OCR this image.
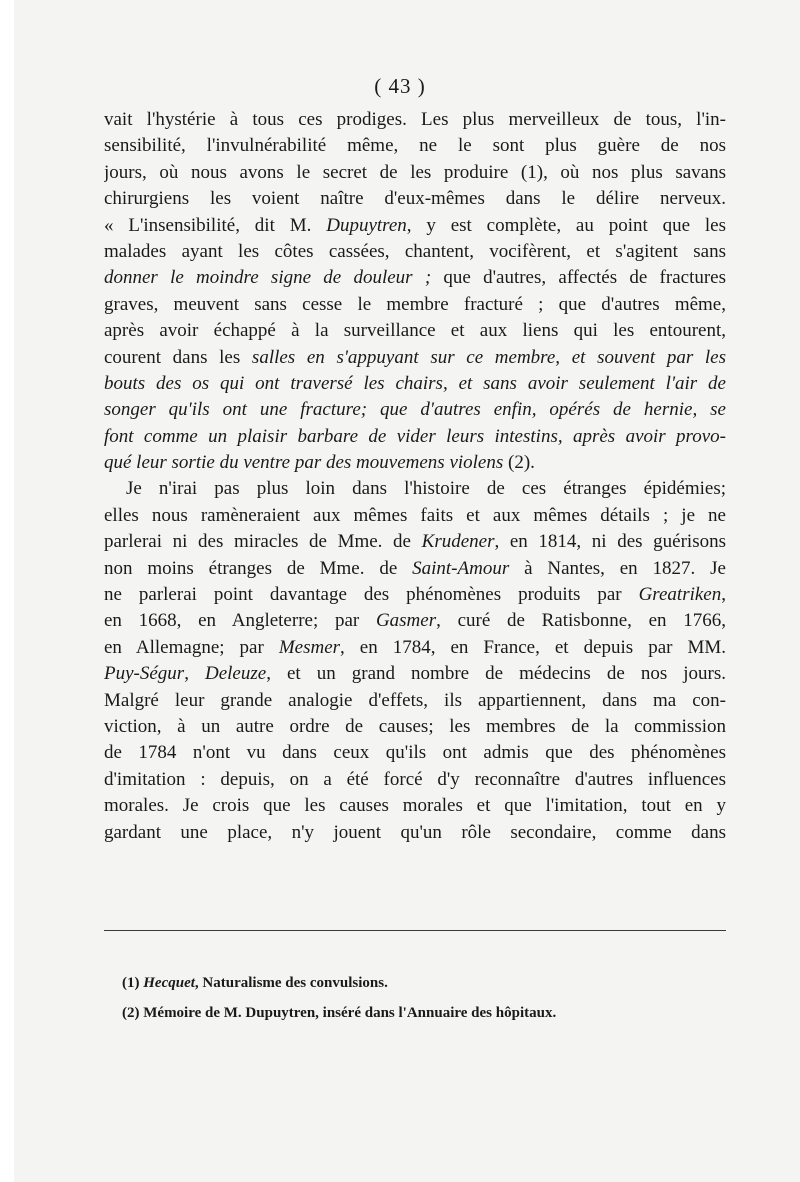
( 43 )
vait l'hystérie à tous ces prodiges. Les plus merveilleux de tous, l'in-
sensibilité, l'invulnérabilité même, ne le sont plus guère de nos
jours, où nous avons le secret de les produire (1), où nos plus savans
chirurgiens les voient naître d'eux-mêmes dans le délire nerveux.
« L'insensibilité, dit M. Dupuytren, y est complète, au point que les
malades ayant les côtes cassées, chantent, vocifèrent, et s'agitent sans
donner le moindre signe de douleur ; que d'autres, affectés de fractures
graves, meuvent sans cesse le membre fracturé ; que d'autres même,
après avoir échappé à la surveillance et aux liens qui les entourent,
courent dans les salles en s'appuyant sur ce membre, et souvent par les
bouts des os qui ont traversé les chairs, et sans avoir seulement l'air de
songer qu'ils ont une fracture; que d'autres enfin, opérés de hernie, se
font comme un plaisir barbare de vider leurs intestins, après avoir provo-
qué leur sortie du ventre par des mouvemens violens (2).
Je n'irai pas plus loin dans l'histoire de ces étranges épidémies;
elles nous ramèneraient aux mêmes faits et aux mêmes détails ; je ne
parlerai ni des miracles de Mme. de Krudener, en 1814, ni des guérisons
non moins étranges de Mme. de Saint-Amour à Nantes, en 1827. Je
ne parlerai point davantage des phénomènes produits par Greatriken,
en 1668, en Angleterre; par Gasmer, curé de Ratisbonne, en 1766,
en Allemagne; par Mesmer, en 1784, en France, et depuis par MM.
Puy-Ségur, Deleuze, et un grand nombre de médecins de nos jours.
Malgré leur grande analogie d'effets, ils appartiennent, dans ma con-
viction, à un autre ordre de causes; les membres de la commission
de 1784 n'ont vu dans ceux qu'ils ont admis que des phénomènes
d'imitation : depuis, on a été forcé d'y reconnaître d'autres influences
morales. Je crois que les causes morales et que l'imitation, tout en y
gardant une place, n'y jouent qu'un rôle secondaire, comme dans
(1) Hecquet, Naturalisme des convulsions.
(2) Mémoire de M. Dupuytren, inséré dans l'Annuaire des hôpitaux.
